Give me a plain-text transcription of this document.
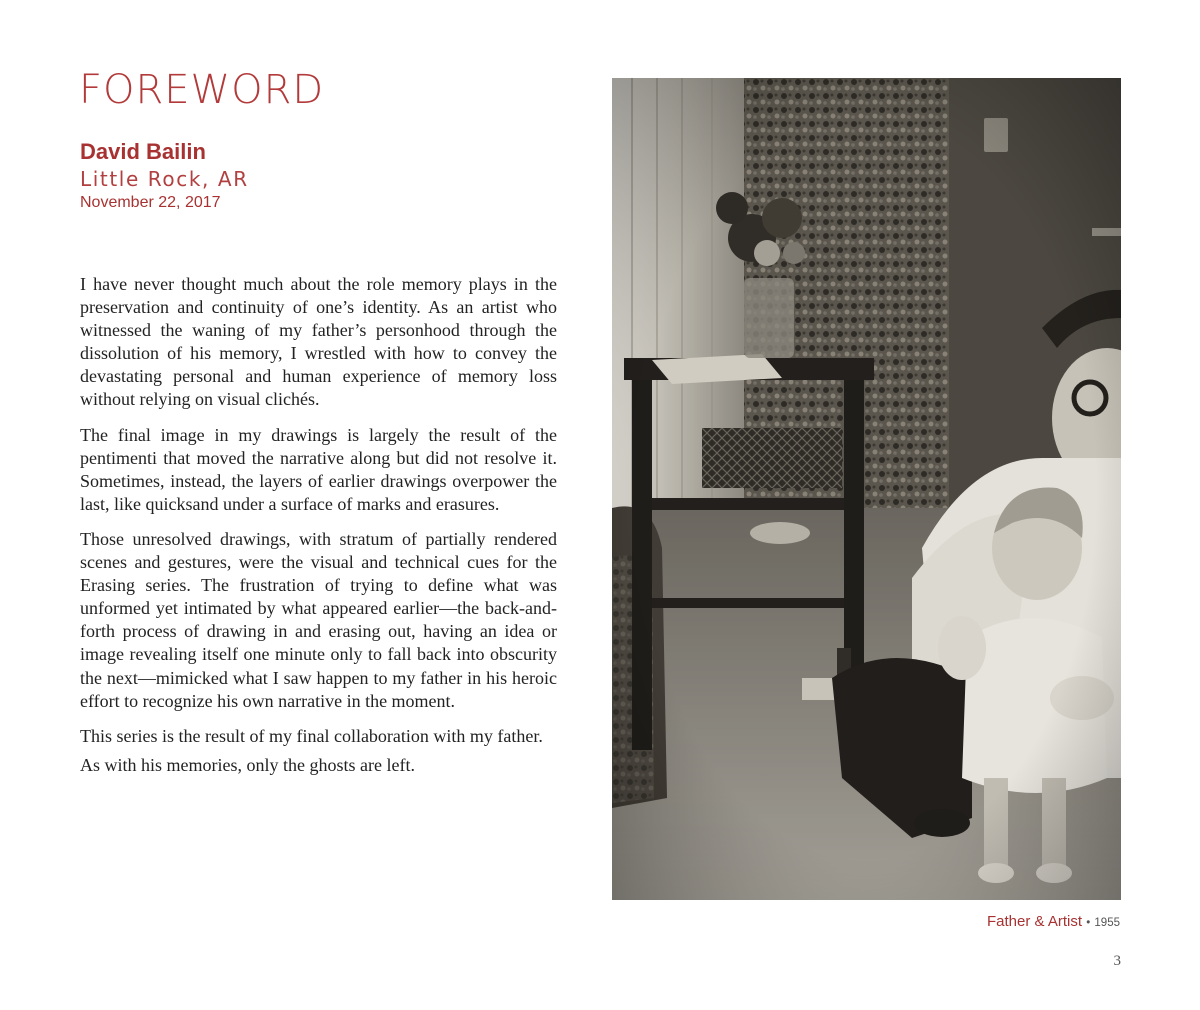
FOREWORD
David Bailin
Little Rock, AR
November 22, 2017

I have never thought much about the role memory plays in the preservation and continuity of one’s identity. As an artist who witnessed the waning of my father’s personhood through the dissolution of his memory, I wrestled with how to convey the devastating personal and human experience of memory loss without relying on visual clichés.

The final image in my drawings is largely the result of the pentimenti that moved the narrative along but did not resolve it. Sometimes, instead, the layers of earlier drawings overpower the last, like quicksand under a surface of marks and erasures.

Those unresolved drawings, with stratum of partially rendered scenes and gestures, were the visual and technical cues for the Erasing series. The frustration of trying to define what was unformed yet intimated by what appeared earlier—the back-and-forth process of drawing in and erasing out, having an idea or image revealing itself one minute only to fall back into obscurity the next—mimicked what I saw happen to my father in his heroic effort to recognize his own narrative in the moment.

This series is the result of my final collaboration with my father.

As with his memories, only the ghosts are left.

Father & Artist • 1955
3
